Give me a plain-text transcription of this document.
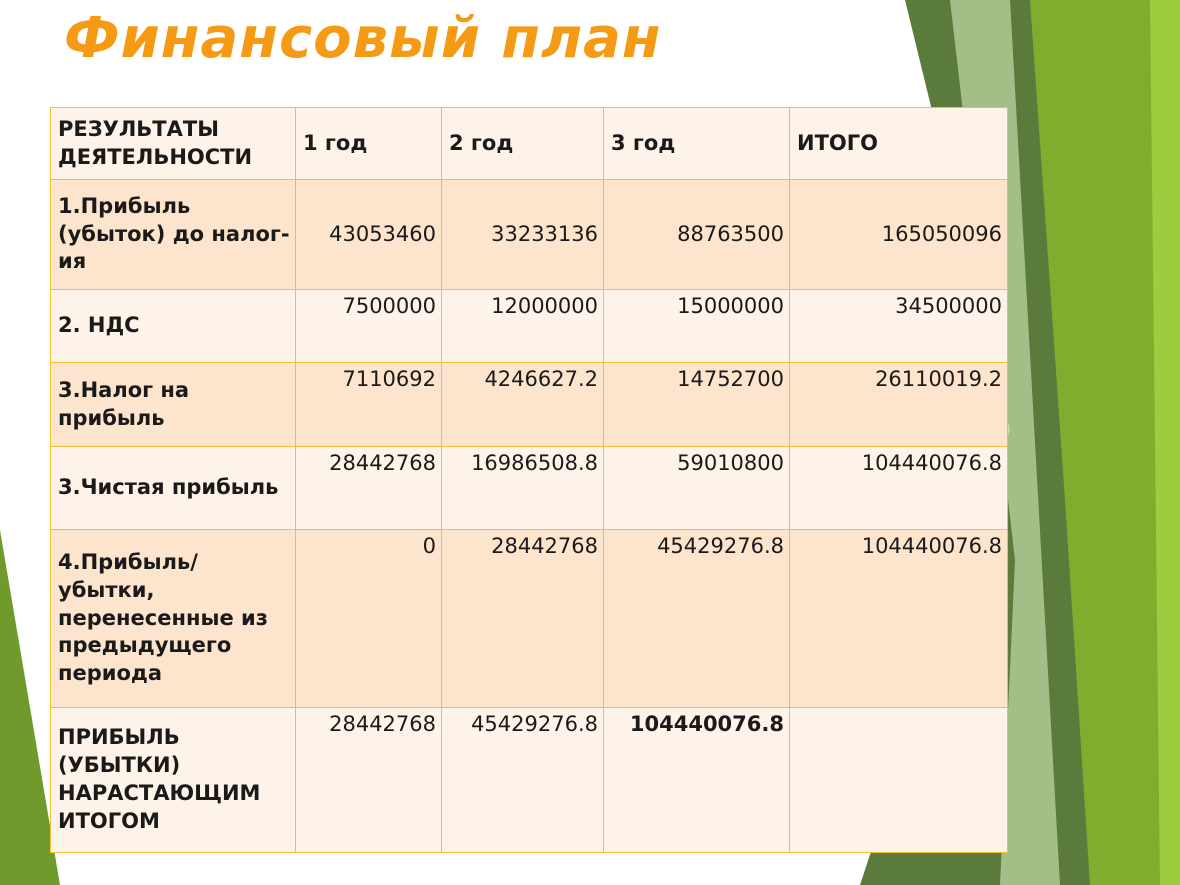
Финансовый план
РЕЗУЛЬТАТЫ ДЕЯТЕЛЬНОСТИ	1 год	2 год	3 год	ИТОГО
1.Прибыль (убыток) до налог-ия	43053460	33233136	88763500	165050096
2. НДС	7500000	12000000	15000000	34500000
3.Налог на прибыль	7110692	4246627.2	14752700	26110019.2
3.Чистая прибыль	28442768	16986508.8	59010800	104440076.8
4.Прибыль/убытки, перенесенные из предыдущего периода	0	28442768	45429276.8	104440076.8
ПРИБЫЛЬ (УБЫТКИ) НАРАСТАЮЩИМ ИТОГОМ	28442768	45429276.8	104440076.8	
